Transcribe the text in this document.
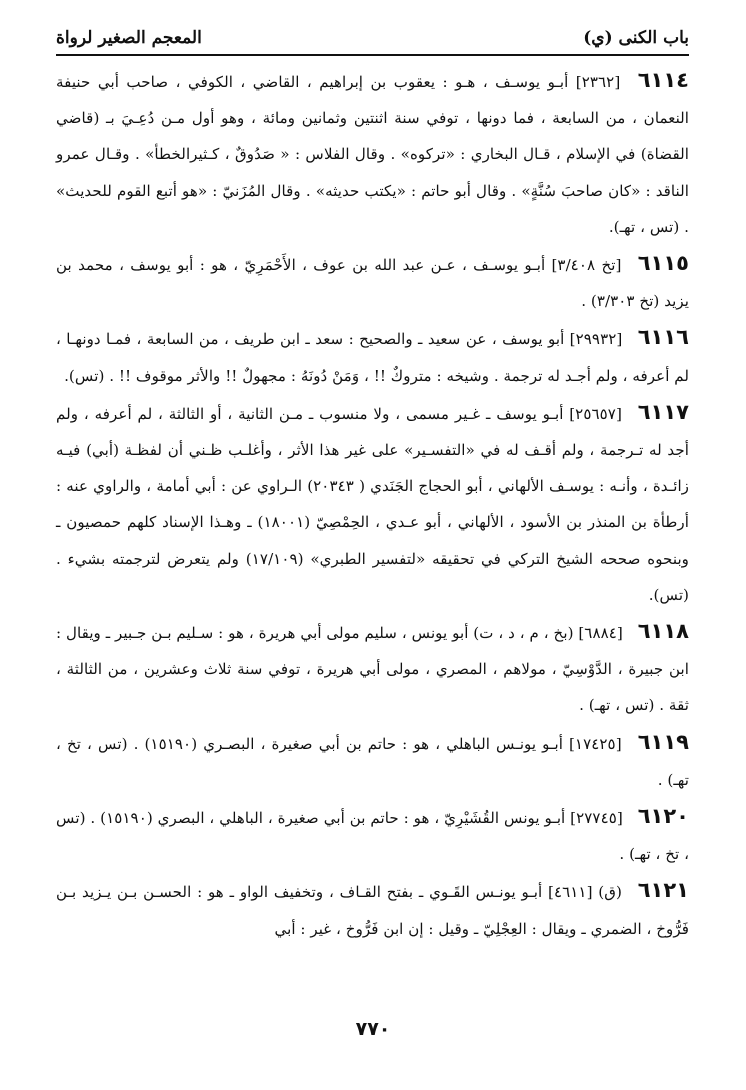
باب الكنى (ي)
المعجم الصغير لرواة

٦١١٤ [٢٣٦٢] أبـو يوسـف ، هـو : يعقوب بن إبراهيم ، القاضي ، الكوفي ، صاحب أبي حنيفة النعمان ، من السابعة ، فما دونها ، توفي سنة اثنتين وثمانين ومائة ، وهو أول مـن دُعِـيَ بـ (قاضي القضاة) في الإسلام ، قـال البخاري : «تركوه» . وقال الفلاس : « صَدُوقٌ ، كـثيرالخطأ» . وقـال عمرو الناقد : «كان صاحبَ سُنَّةٍ» . وقال أبو حاتم : «يكتب حديثه» . وقال المُزَنيّ : «هو أتبع القوم للحديث» . (تس ، تهـ).

٦١١٥ [تخ ٣/٤٠٨] أبـو يوسـف ، عـن عبد الله بن عوف ، الأَحْمَرِيّ ، هو : أبو يوسف ، محمد بن يزيد (تخ ٣/٣٠٣) .

٦١١٦ [٢٩٩٣٢] أبو يوسف ، عن سعيد ـ والصحيح : سعد ـ ابن طريف ، من السابعة ، فمـا دونهـا ، لم أعرفه ، ولم أجـد له ترجمة . وشيخه : متروكٌ !! ، وَمَنْ دُونَهُ : مجهولٌ !! والأثر موقوف !! . (تس).

٦١١٧ [٢٥٦٥٧] أبـو يوسف ـ غـير مسمى ، ولا منسوب ـ مـن الثانية ، أو الثالثة ، لم أعرفه ، ولم أجد له تـرجمة ، ولم أقـف له في «التفسـير» على غير هذا الأثر ، وأغلـب ظـني أن لفظـة (أبي) فيـه زائـدة ، وأنـه : يوسـف الألهاني ، أبو الحجاج الجَنَدي ( ٢٠٣٤٣) الـراوي عن : أبي أمامة ، والراوي عنه : أرطأة بن المنذر بن الأسود ، الألهاني ، أبو عـدي ، الحِمْصِيّ (١٨٠٠١) ـ وهـذا الإسناد كلهم حمصيون ـ وبنحوه صححه الشيخ التركي في تحقيقه «لتفسير الطبري» (١٧/١٠٩) ولم يتعرض لترجمته بشيء . (تس).

٦١١٨ [٦٨٨٤] (بخ ، م ، د ، ت) أبو يونس ، سليم مولى أبي هريرة ، هو : سـليم بـن جـبير ـ ويقال : ابن جبيرة ، الدَّوْسِيّ ، مولاهم ، المصري ، مولى أبي هريرة ، توفي سنة ثلاث وعشرين ، من الثالثة ، ثقة . (تس ، تهـ) .

٦١١٩ [١٧٤٢٥] أبـو يونـس الباهلي ، هو : حاتم بن أبي صغيرة ، البصـري (١٥١٩٠) . (تس ، تخ ، تهـ) .

٦١٢٠ [٢٧٧٤٥] أبـو يونس القُشَيْرِيّ ، هو : حاتم بن أبي صغيرة ، الباهلي ، البصري (١٥١٩٠) . (تس ، تخ ، تهـ) .

٦١٢١ (ق) [٤٦١١] أبـو يونـس القَـوي ـ بفتح القـاف ، وتخفيف الواو ـ هو : الحسـن بـن يـزيد بـن فَرُّوخ ، الضمري ـ ويقال : العِجْلِيّ ـ وقيل : إن ابن فَرُّوخ ، غير : أبي

٧٧٠
